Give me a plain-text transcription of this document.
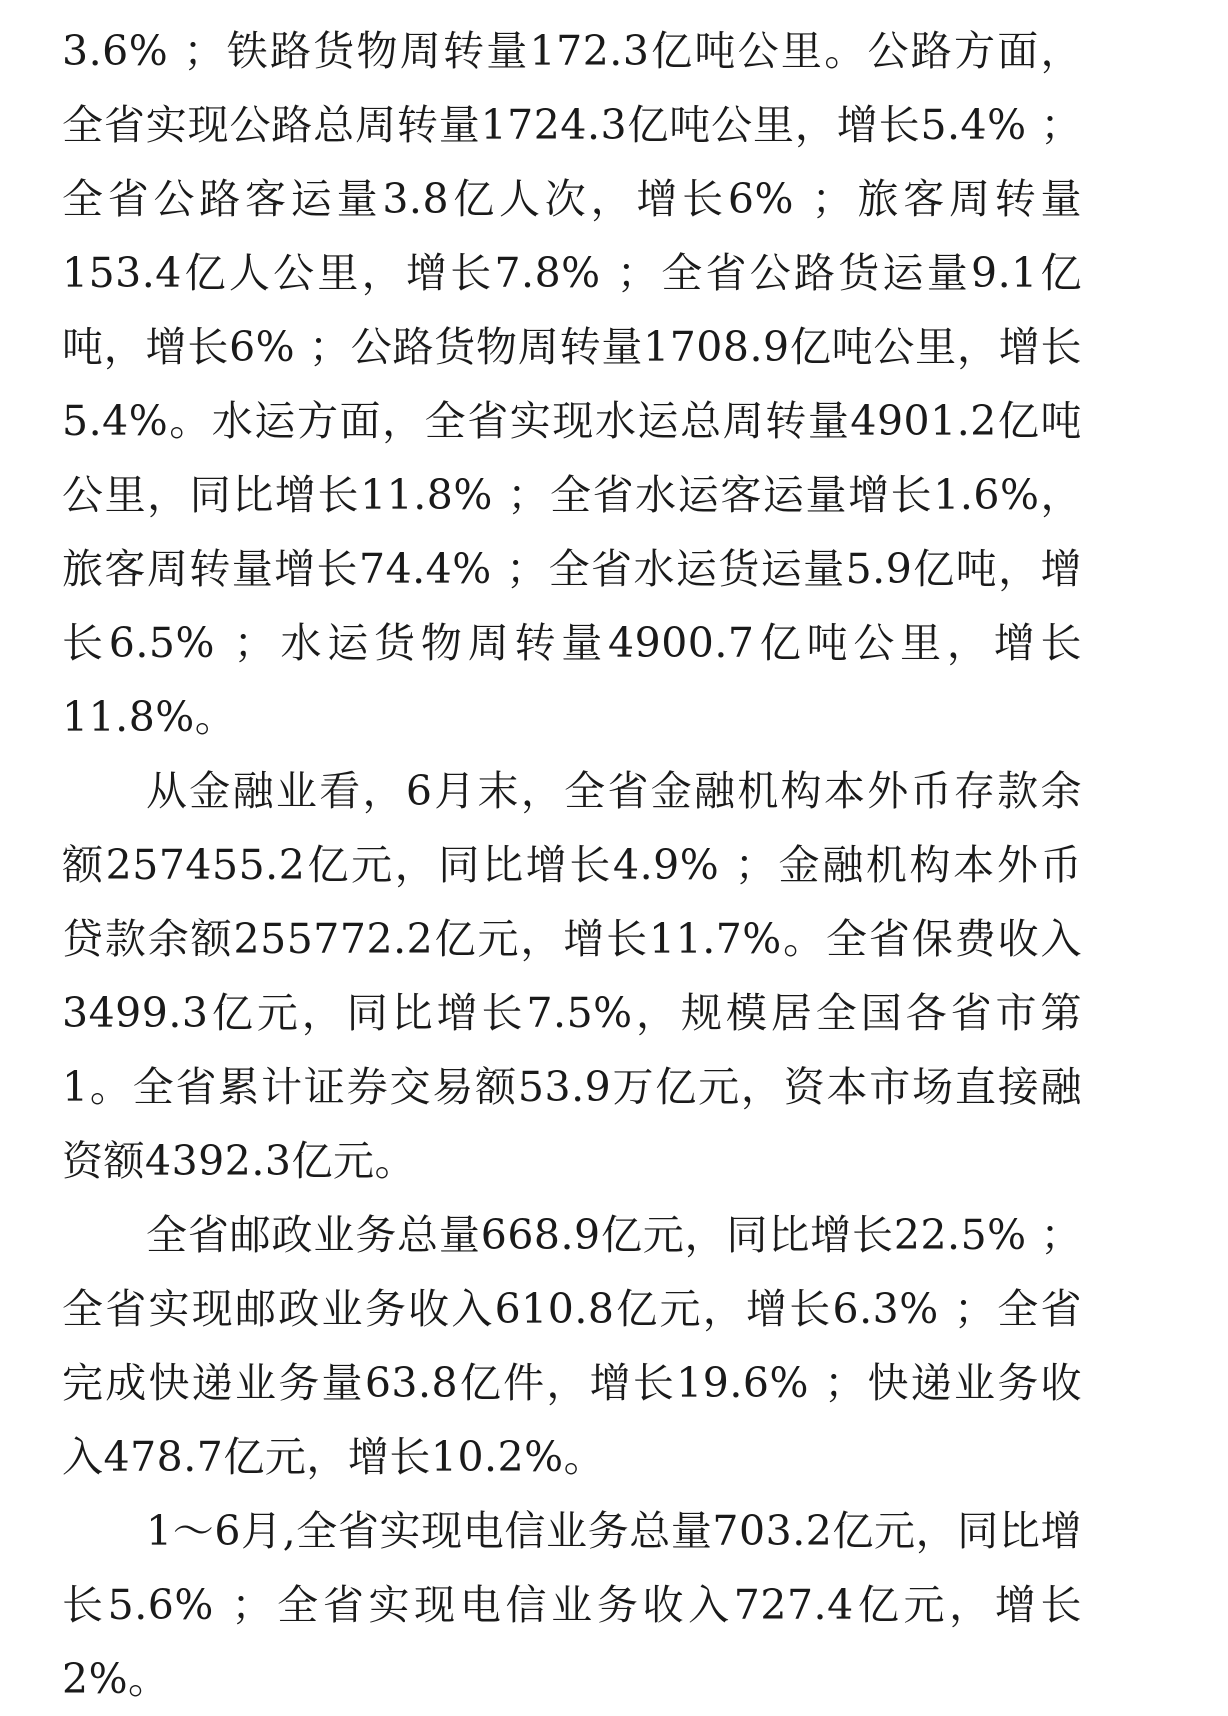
3.6% ；铁路货物周转量172.3亿吨公里。公路方面，全省实现公路总周转量1724.3亿吨公里，增长5.4% ；全省公路客运量3.8亿人次，增长6% ；旅客周转量153.4亿人公里，增长7.8% ；全省公路货运量9.1亿吨，增长6% ；公路货物周转量1708.9亿吨公里，增长5.4%。水运方面，全省实现水运总周转量4901.2亿吨公里，同比增长11.8% ；全省水运客运量增长1.6%，旅客周转量增长74.4% ；全省水运货运量5.9亿吨，增长6.5% ；水运货物周转量4900.7亿吨公里，增长11.8%。

从金融业看，6月末，全省金融机构本外币存款余额257455.2亿元，同比增长4.9% ；金融机构本外币贷款余额255772.2亿元，增长11.7%。全省保费收入3499.3亿元，同比增长7.5%，规模居全国各省市第1。全省累计证券交易额53.9万亿元，资本市场直接融资额4392.3亿元。

全省邮政业务总量668.9亿元，同比增长22.5% ；全省实现邮政业务收入610.8亿元，增长6.3% ；全省完成快递业务量63.8亿件，增长19.6% ；快递业务收入478.7亿元，增长10.2%。

1～6月,全省实现电信业务总量703.2亿元，同比增长5.6% ；全省实现电信业务收入727.4亿元，增长2%。
